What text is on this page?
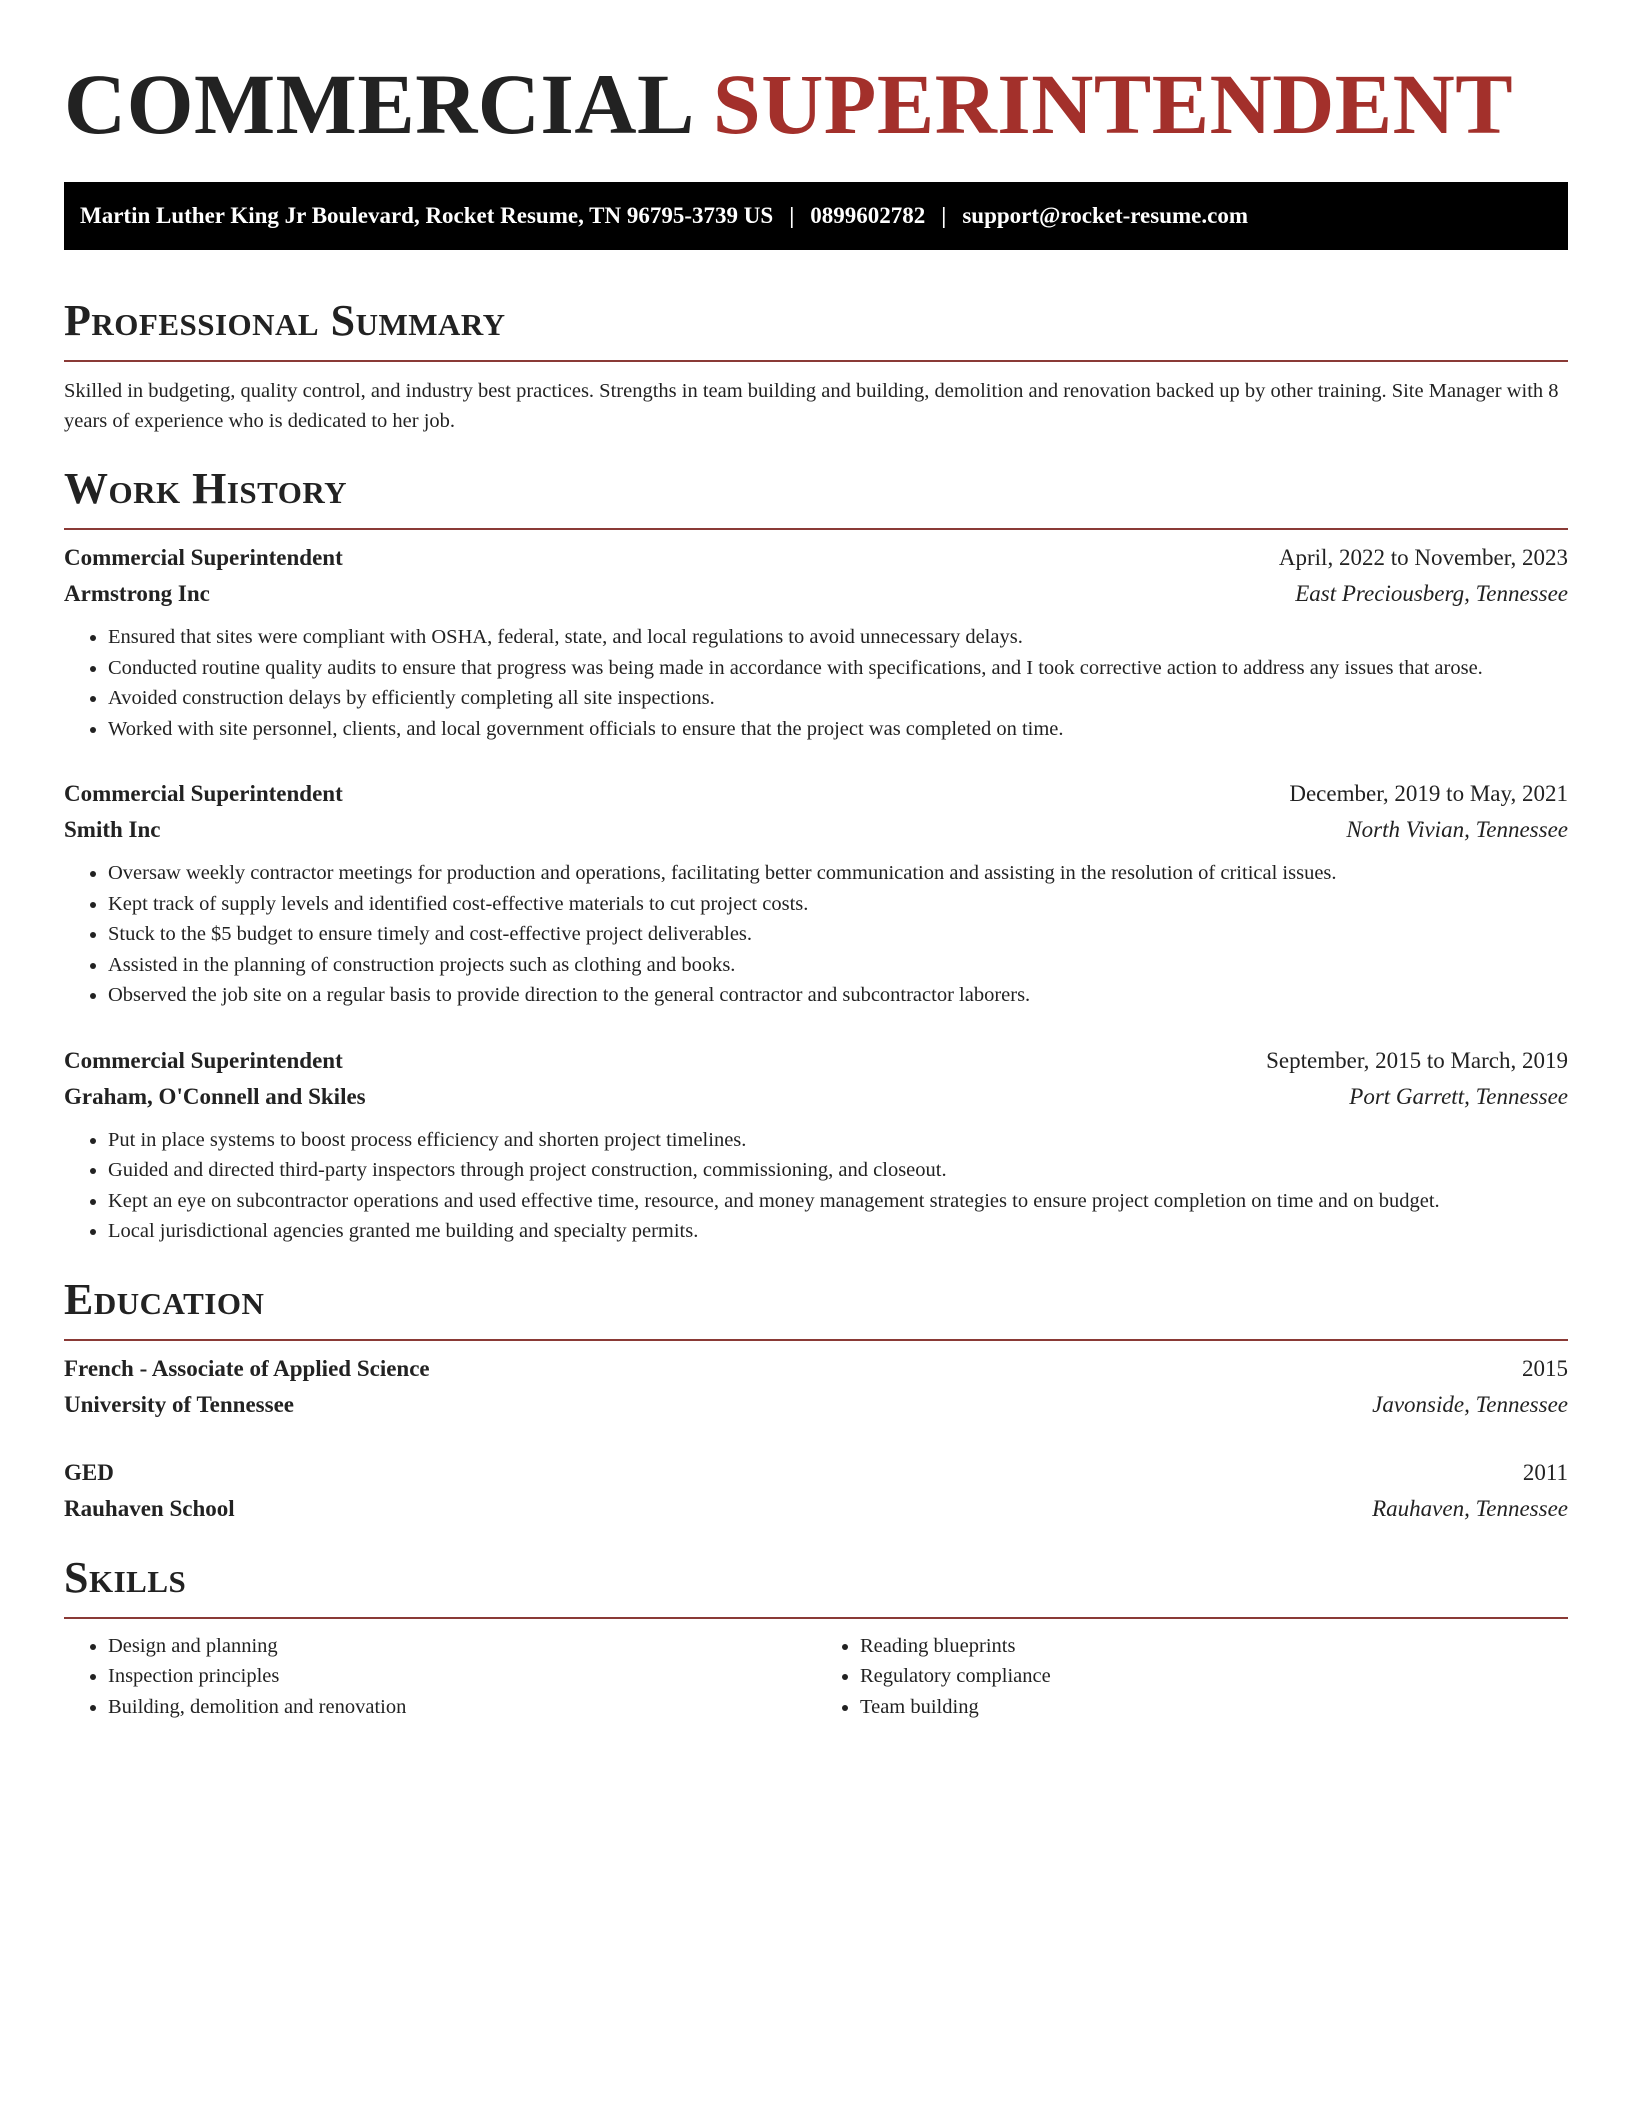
COMMERCIAL SUPERINTENDENT
Martin Luther King Jr Boulevard, Rocket Resume, TN 96795-3739 US | 0899602782 | support@rocket-resume.com
Professional Summary

Skilled in budgeting, quality control, and industry best practices. Strengths in team building and building, demolition and renovation backed up by other training. Site Manager with 8 years of experience who is dedicated to her job.

Work History
Commercial Superintendent	April, 2022 to November, 2023
Armstrong Inc	East Preciousberg, Tennessee
• Ensured that sites were compliant with OSHA, federal, state, and local regulations to avoid unnecessary delays.
• Conducted routine quality audits to ensure that progress was being made in accordance with specifications, and I took corrective action to address any issues that arose.
• Avoided construction delays by efficiently completing all site inspections.
• Worked with site personnel, clients, and local government officials to ensure that the project was completed on time.
Commercial Superintendent	December, 2019 to May, 2021
Smith Inc	North Vivian, Tennessee
• Oversaw weekly contractor meetings for production and operations, facilitating better communication and assisting in the resolution of critical issues.
• Kept track of supply levels and identified cost-effective materials to cut project costs.
• Stuck to the $5 budget to ensure timely and cost-effective project deliverables.
• Assisted in the planning of construction projects such as clothing and books.
• Observed the job site on a regular basis to provide direction to the general contractor and subcontractor laborers.
Commercial Superintendent	September, 2015 to March, 2019
Graham, O'Connell and Skiles	Port Garrett, Tennessee
• Put in place systems to boost process efficiency and shorten project timelines.
• Guided and directed third-party inspectors through project construction, commissioning, and closeout.
• Kept an eye on subcontractor operations and used effective time, resource, and money management strategies to ensure project completion on time and on budget.
• Local jurisdictional agencies granted me building and specialty permits.
Education
French - Associate of Applied Science	2015
University of Tennessee	Javonside, Tennessee
GED	2011
Rauhaven School	Rauhaven, Tennessee
Skills
• Design and planning
• Inspection principles
• Building, demolition and renovation
• Reading blueprints
• Regulatory compliance
• Team building
